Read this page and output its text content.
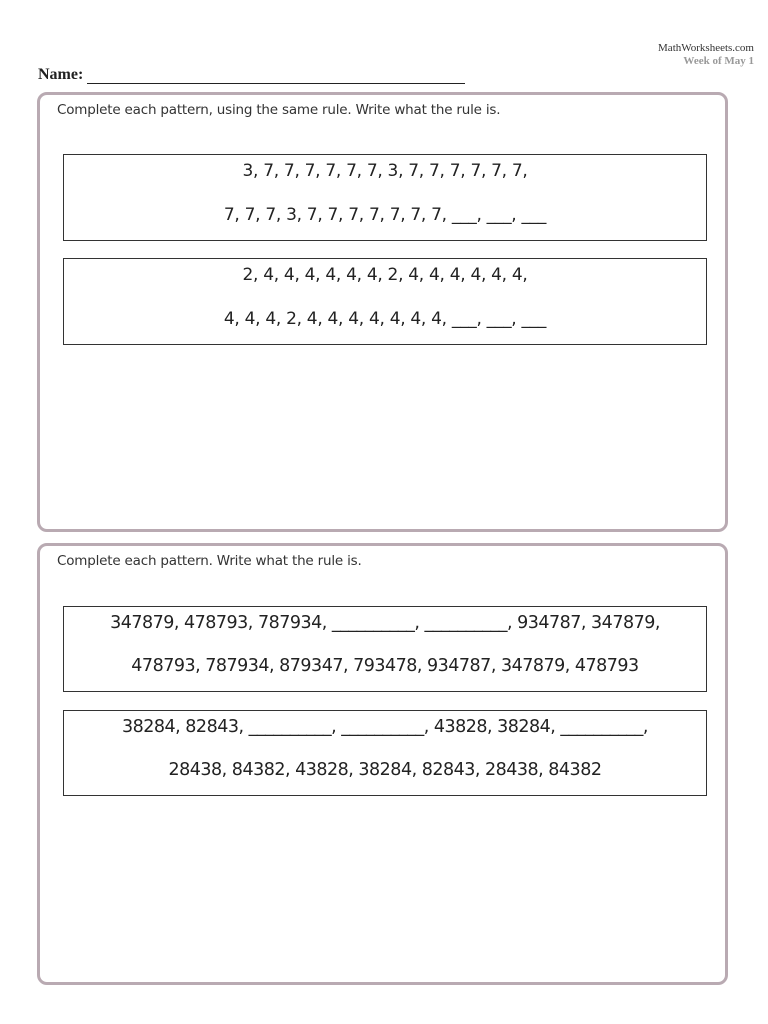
MathWorksheets.com
Week of May 1
Name:
Complete each pattern, using the same rule. Write what the rule is.
3, 7, 7, 7, 7, 7, 7, 3, 7, 7, 7, 7, 7, 7,
7, 7, 7, 3, 7, 7, 7, 7, 7, 7, 7, ___, ___, ___
2, 4, 4, 4, 4, 4, 4, 2, 4, 4, 4, 4, 4, 4,
4, 4, 4, 2, 4, 4, 4, 4, 4, 4, 4, ___, ___, ___
Complete each pattern. Write what the rule is.
347879, 478793, 787934, __________, __________, 934787, 347879,
478793, 787934, 879347, 793478, 934787, 347879, 478793
38284, 82843, __________, __________, 43828, 38284, __________,
28438, 84382, 43828, 38284, 82843, 28438, 84382
